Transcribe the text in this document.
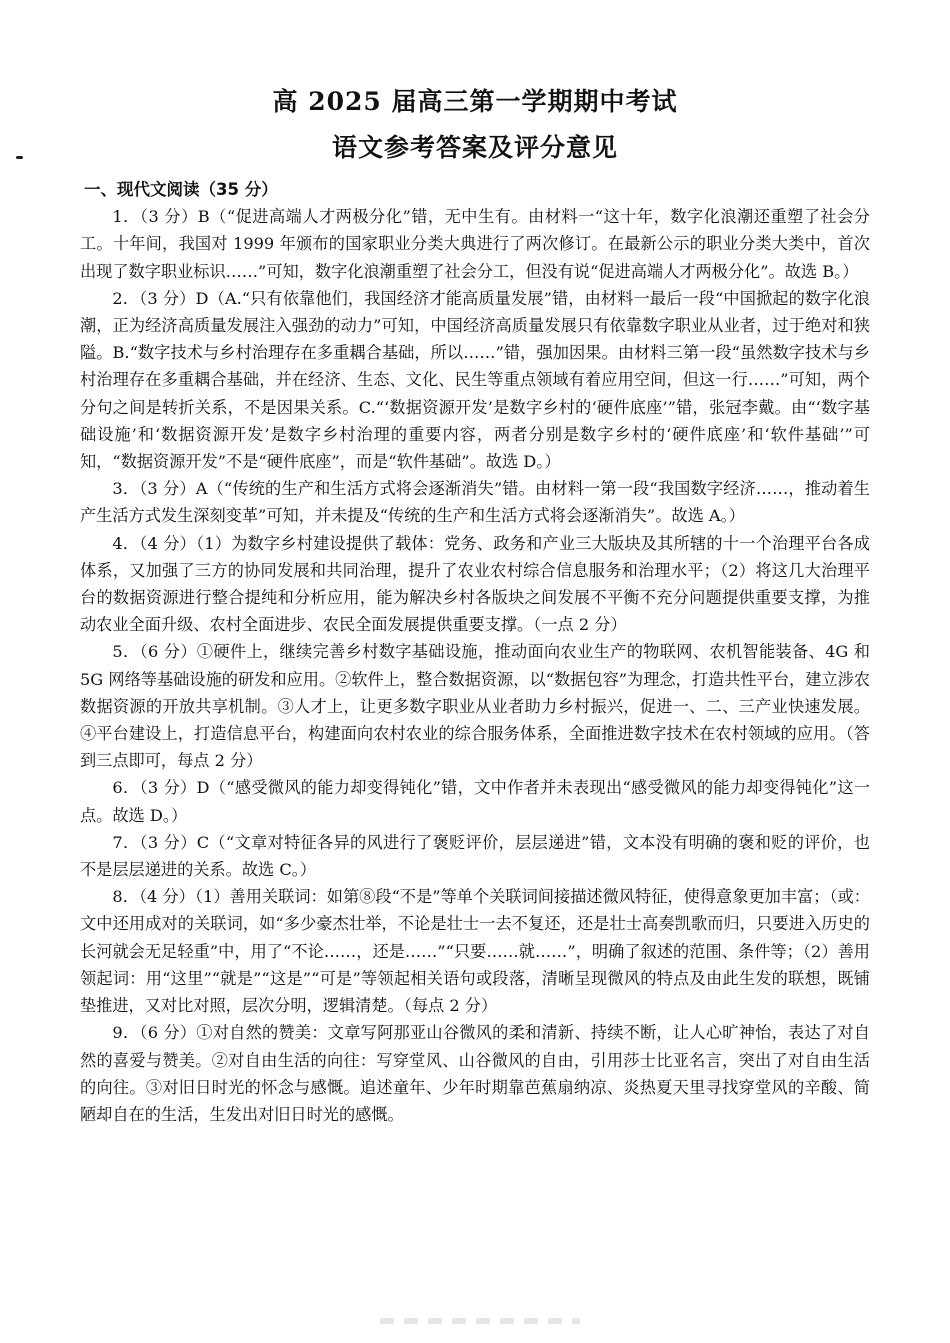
高 2025 届高三第一学期期中考试
语文参考答案及评分意见
一、现代文阅读（35 分）

1．（3 分）B（“促进高端人才两极分化”错，无中生有。由材料一“这十年，数字化浪潮还重塑了社会分工。十年间，我国对 1999 年颁布的国家职业分类大典进行了两次修订。在最新公示的职业分类大类中，首次出现了数字职业标识……”可知，数字化浪潮重塑了社会分工，但没有说“促进高端人才两极分化”。故选 B。）

2．（3 分）D（A.“只有依靠他们，我国经济才能高质量发展”错，由材料一最后一段“中国掀起的数字化浪潮，正为经济高质量发展注入强劲的动力”可知，中国经济高质量发展只有依靠数字职业从业者，过于绝对和狭隘。B.“数字技术与乡村治理存在多重耦合基础，所以……”错，强加因果。由材料三第一段“虽然数字技术与乡村治理存在多重耦合基础，并在经济、生态、文化、民生等重点领域有着应用空间，但这一行……”可知，两个分句之间是转折关系，不是因果关系。C.“‘数据资源开发’是数字乡村的‘硬件底座’”错，张冠李戴。由“‘数字基础设施’和‘数据资源开发’是数字乡村治理的重要内容，两者分别是数字乡村的‘硬件底座’和‘软件基础’”可知，“数据资源开发”不是“硬件底座”，而是“软件基础”。故选 D。）

3．（3 分）A（“传统的生产和生活方式将会逐渐消失”错。由材料一第一段“我国数字经济……，推动着生产生活方式发生深刻变革”可知，并未提及“传统的生产和生活方式将会逐渐消失”。故选 A。）

4．（4 分）（1）为数字乡村建设提供了载体：党务、政务和产业三大版块及其所辖的十一个治理平台各成体系，又加强了三方的协同发展和共同治理，提升了农业农村综合信息服务和治理水平；（2）将这几大治理平台的数据资源进行整合提纯和分析应用，能为解决乡村各版块之间发展不平衡不充分问题提供重要支撑，为推动农业全面升级、农村全面进步、农民全面发展提供重要支撑。（一点 2 分）

5．（6 分）①硬件上，继续完善乡村数字基础设施，推动面向农业生产的物联网、农机智能装备、4G 和 5G 网络等基础设施的研发和应用。②软件上，整合数据资源，以“数据包容”为理念，打造共性平台，建立涉农数据资源的开放共享机制。③人才上，让更多数字职业从业者助力乡村振兴，促进一、二、三产业快速发展。④平台建设上，打造信息平台，构建面向农村农业的综合服务体系，全面推进数字技术在农村领域的应用。（答到三点即可，每点 2 分）

6．（3 分）D（“感受微风的能力却变得钝化”错，文中作者并未表现出“感受微风的能力却变得钝化”这一点。故选 D。）

7．（3 分）C（“文章对特征各异的风进行了褒贬评价，层层递进”错，文本没有明确的褒和贬的评价，也不是层层递进的关系。故选 C。）

8．（4 分）（1）善用关联词：如第⑧段“不是”等单个关联词间接描述微风特征，使得意象更加丰富；（或：文中还用成对的关联词，如“多少豪杰壮举，不论是壮士一去不复还，还是壮士高奏凯歌而归，只要进入历史的长河就会无足轻重”中，用了“不论……，还是……”“只要……就……”，明确了叙述的范围、条件等；（2）善用领起词：用“这里”“就是”“这是”“可是”等领起相关语句或段落，清晰呈现微风的特点及由此生发的联想，既铺垫推进，又对比对照，层次分明，逻辑清楚。（每点 2 分）

9．（6 分）①对自然的赞美：文章写阿那亚山谷微风的柔和清新、持续不断，让人心旷神怡，表达了对自然的喜爱与赞美。②对自由生活的向往：写穿堂风、山谷微风的自由，引用莎士比亚名言，突出了对自由生活的向往。③对旧日时光的怀念与感慨。追述童年、少年时期靠芭蕉扇纳凉、炎热夏天里寻找穿堂风的辛酸、简陋却自在的生活，生发出对旧日时光的感慨。
